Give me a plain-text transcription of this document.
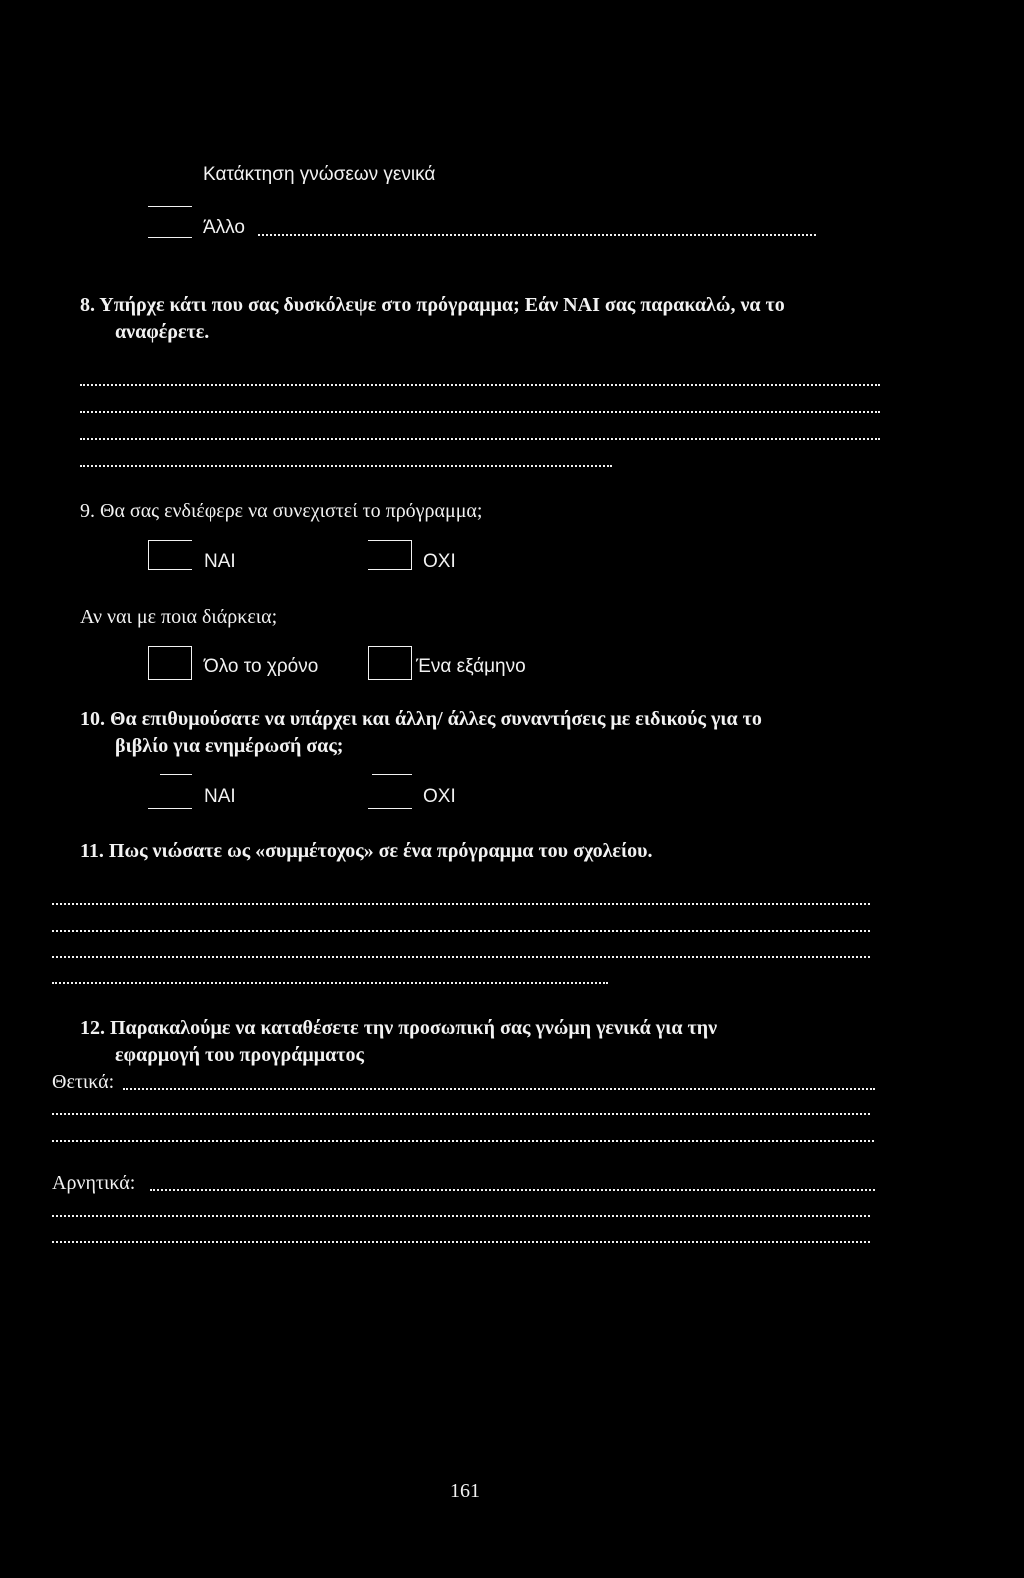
Κατάκτηση γνώσεων γενικά
Άλλο
8. Υπήρχε κάτι που σας δυσκόλεψε στο πρόγραμμα; Εάν ΝΑΙ σας παρακαλώ, να το
αναφέρετε.
9. Θα σας ενδιέφερε να συνεχιστεί το πρόγραμμα;
ΝΑΙ	ΟΧΙ
Αν ναι με ποια διάρκεια;
Όλο το χρόνο	Ένα εξάμηνο
10. Θα επιθυμούσατε να υπάρχει και άλλη/ άλλες συναντήσεις με ειδικούς για το
βιβλίο για ενημέρωσή σας;
ΝΑΙ	ΟΧΙ
11. Πως νιώσατε ως «συμμέτοχος» σε ένα πρόγραμμα του σχολείου.
12. Παρακαλούμε να καταθέσετε την προσωπική σας γνώμη γενικά για την
εφαρμογή του προγράμματος
Θετικά:
Αρνητικά:
161
